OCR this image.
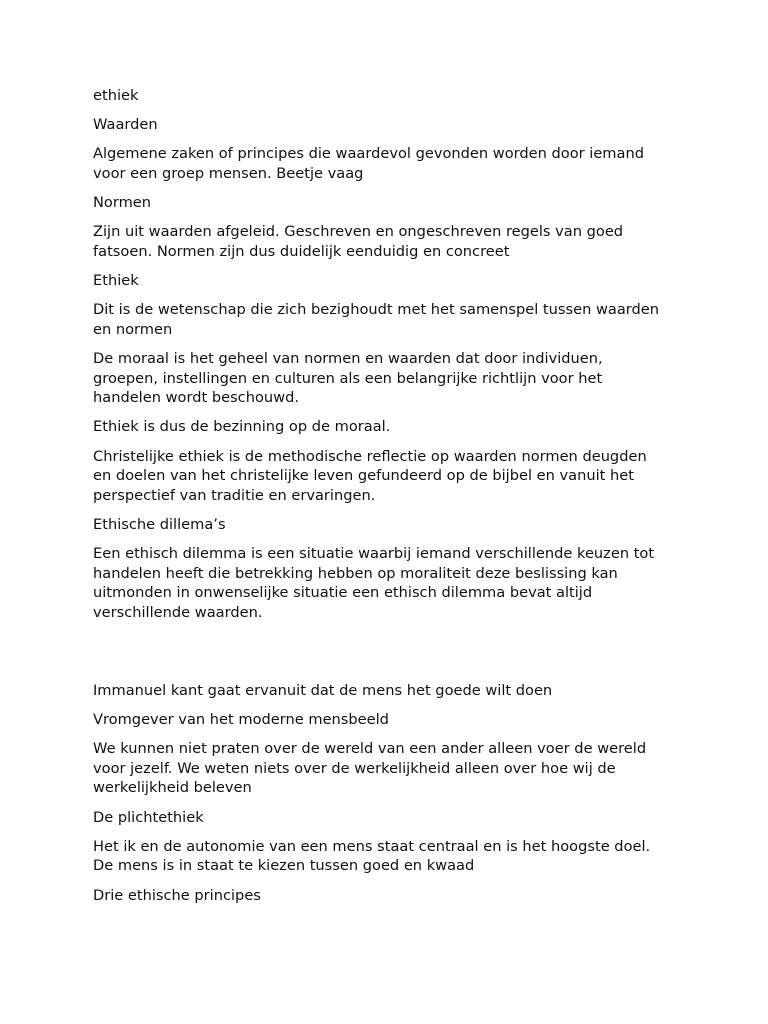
ethiek

Waarden

Algemene zaken of principes die waardevol gevonden worden door iemand voor een groep mensen. Beetje vaag

Normen

Zijn uit waarden afgeleid. Geschreven en ongeschreven regels van goed fatsoen. Normen zijn dus duidelijk eenduidig en concreet

Ethiek

Dit is de wetenschap die zich bezighoudt met het samenspel tussen waarden en normen

De moraal is het geheel van normen en waarden dat door individuen, groepen, instellingen en culturen als een belangrijke richtlijn voor het handelen wordt beschouwd.

Ethiek is dus de bezinning op de moraal.

Christelijke ethiek is de methodische reflectie op waarden normen deugden en doelen van het christelijke leven gefundeerd op de bijbel en vanuit het perspectief van traditie en ervaringen.

Ethische dillema’s

Een ethisch dilemma is een situatie waarbij iemand verschillende keuzen tot handelen heeft die betrekking hebben op moraliteit deze beslissing kan uitmonden in onwenselijke situatie een ethisch dilemma bevat altijd verschillende waarden.

Immanuel kant gaat ervanuit dat de mens het goede wilt doen

Vromgever van het moderne mensbeeld

We kunnen niet praten over de wereld van een ander alleen voer de wereld voor jezelf. We weten niets over de werkelijkheid alleen over hoe wij de werkelijkheid beleven

De plichtethiek

Het ik en de autonomie van een mens staat centraal en is het hoogste doel. De mens is in staat te kiezen tussen goed en kwaad

Drie ethische principes
